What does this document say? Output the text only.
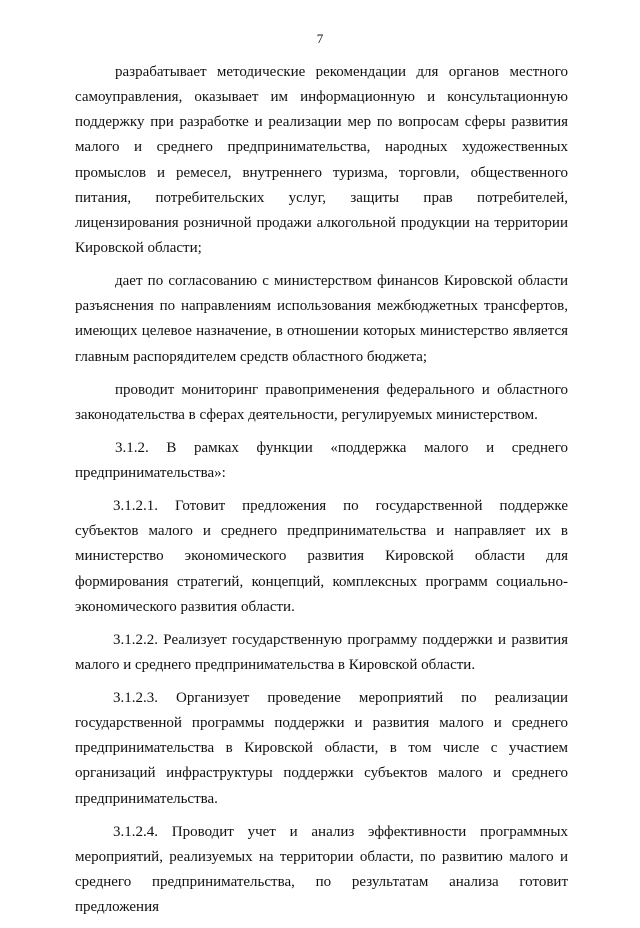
7

разрабатывает методические рекомендации для органов местного самоуправления, оказывает им информационную и консультационную поддержку при разработке и реализации мер по вопросам сферы развития малого и среднего предпринимательства, народных художественных промыслов и ремесел, внутреннего туризма, торговли, общественного питания, потребительских услуг, защиты прав потребителей, лицензирования розничной продажи алкогольной продукции на территории Кировской области;

дает по согласованию с министерством финансов Кировской области разъяснения по направлениям использования межбюджетных трансфертов, имеющих целевое назначение, в отношении которых министерство является главным распорядителем средств областного бюджета;

проводит мониторинг правоприменения федерального и областного законодательства в сферах деятельности, регулируемых министерством.

3.1.2. В рамках функции «поддержка малого и среднего предпринимательства»:

3.1.2.1. Готовит предложения по государственной поддержке субъектов малого и среднего предпринимательства и направляет их в министерство экономического развития Кировской области для формирования стратегий, концепций, комплексных программ социально-экономического развития области.

3.1.2.2. Реализует государственную программу поддержки и развития малого и среднего предпринимательства в Кировской области.

3.1.2.3. Организует проведение мероприятий по реализации государственной программы поддержки и развития малого и среднего предпринимательства в Кировской области, в том числе с участием организаций инфраструктуры поддержки субъектов малого и среднего предпринимательства.

3.1.2.4. Проводит учет и анализ эффективности программных мероприятий, реализуемых на территории области, по развитию малого и среднего предпринимательства, по результатам анализа готовит предложения
